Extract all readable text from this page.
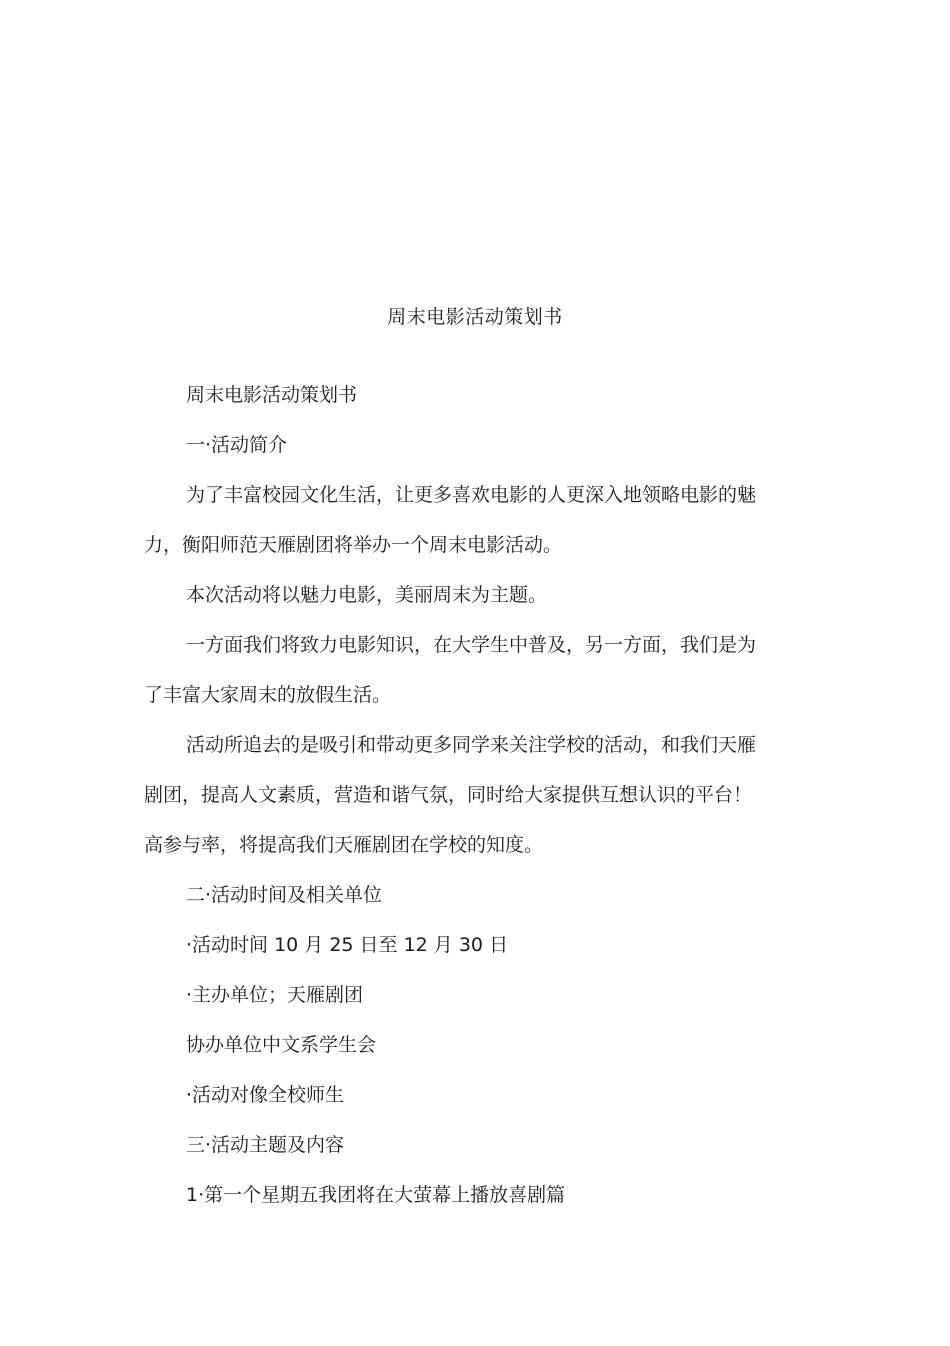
周末电影活动策划书

周末电影活动策划书

一·活动简介

为了丰富校园文化生活，让更多喜欢电影的人更深入地领略电影的魅力，衡阳师范天雁剧团将举办一个周末电影活动。

本次活动将以魅力电影，美丽周末为主题。

一方面我们将致力电影知识，在大学生中普及，另一方面，我们是为了丰富大家周末的放假生活。

活动所追去的是吸引和带动更多同学来关注学校的活动，和我们天雁剧团，提高人文素质，营造和谐气氛，同时给大家提供互想认识的平台！高参与率，将提高我们天雁剧团在学校的知度。

二·活动时间及相关单位

·活动时间 10 月 25 日至 12 月 30 日

·主办单位；天雁剧团

协办单位中文系学生会

·活动对像全校师生

三·活动主题及内容

1·第一个星期五我团将在大萤幕上播放喜剧篇
